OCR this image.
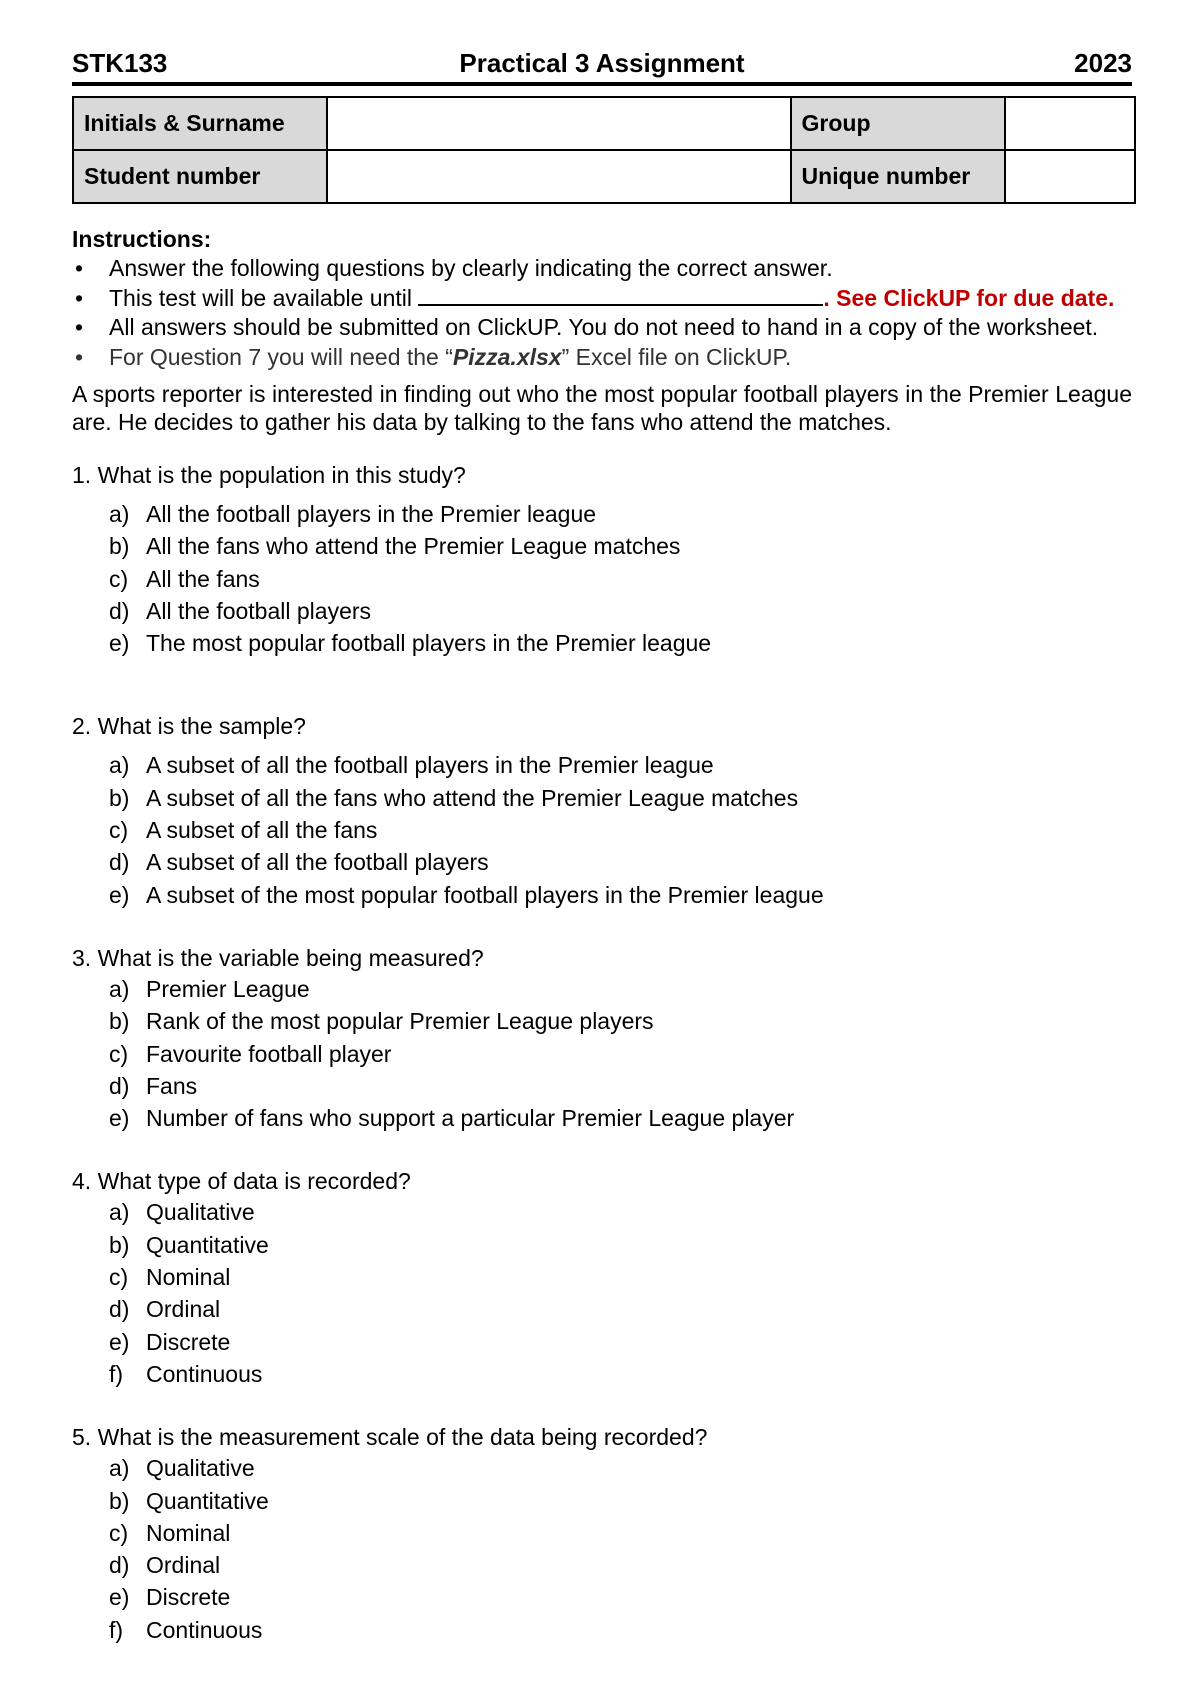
STK133	Practical 3 Assignment	2023
Initials & Surname		Group	
Student number		Unique number	
Instructions:
• Answer the following questions by clearly indicating the correct answer.
• This test will be available until	. See ClickUP for due date.
• All answers should be submitted on ClickUP. You do not need to hand in a copy of the worksheet.
• For Question 7 you will need the “Pizza.xlsx” Excel file on ClickUP.

A sports reporter is interested in finding out who the most popular football players in the Premier League are. He decides to gather his data by talking to the fans who attend the matches.

1. What is the population in this study?
a) All the football players in the Premier league
b) All the fans who attend the Premier League matches
c) All the fans
d) All the football players
e) The most popular football players in the Premier league
2. What is the sample?
a) A subset of all the football players in the Premier league
b) A subset of all the fans who attend the Premier League matches
c) A subset of all the fans
d) A subset of all the football players
e) A subset of the most popular football players in the Premier league
3. What is the variable being measured?
a) Premier League
b) Rank of the most popular Premier League players
c) Favourite football player
d) Fans
e) Number of fans who support a particular Premier League player
4. What type of data is recorded?
a) Qualitative
b) Quantitative
c) Nominal
d) Ordinal
e) Discrete
f) Continuous
5. What is the measurement scale of the data being recorded?
a) Qualitative
b) Quantitative
c) Nominal
d) Ordinal
e) Discrete
f) Continuous
